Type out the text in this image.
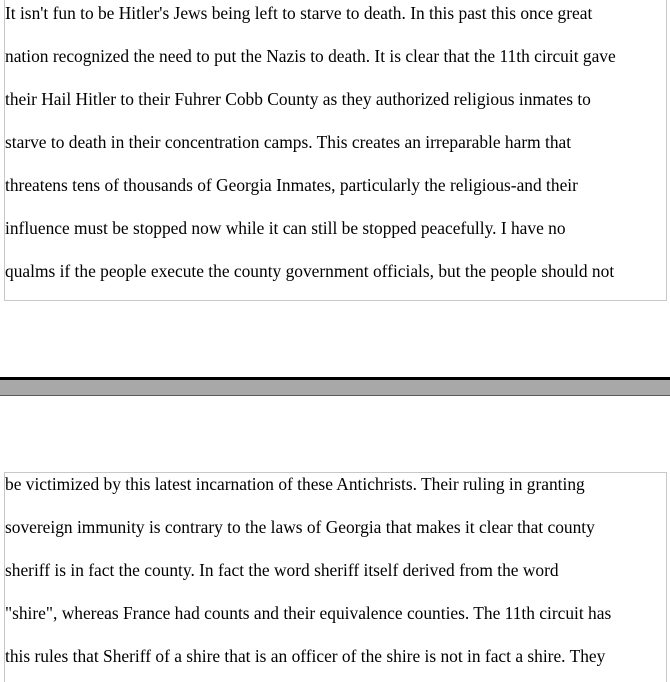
It isn't fun to be Hitler's Jews being left to starve to death. In this past this once great
nation recognized the need to put the Nazis to death. It is clear that the 11th circuit gave
their Hail Hitler to their Fuhrer Cobb County as they authorized religious inmates to
starve to death in their concentration camps. This creates an irreparable harm that
threatens tens of thousands of Georgia Inmates, particularly the religious-and their
influence must be stopped now while it can still be stopped peacefully. I have no
qualms if the people execute the county government officials, but the people should not
be victimized by this latest incarnation of these Antichrists. Their ruling in granting
sovereign immunity is contrary to the laws of Georgia that makes it clear that county
sheriff is in fact the county. In fact the word sheriff itself derived from the word
"shire", whereas France had counts and their equivalence counties. The 11th circuit has
this rules that Sheriff of a shire that is an officer of the shire is not in fact a shire. They
